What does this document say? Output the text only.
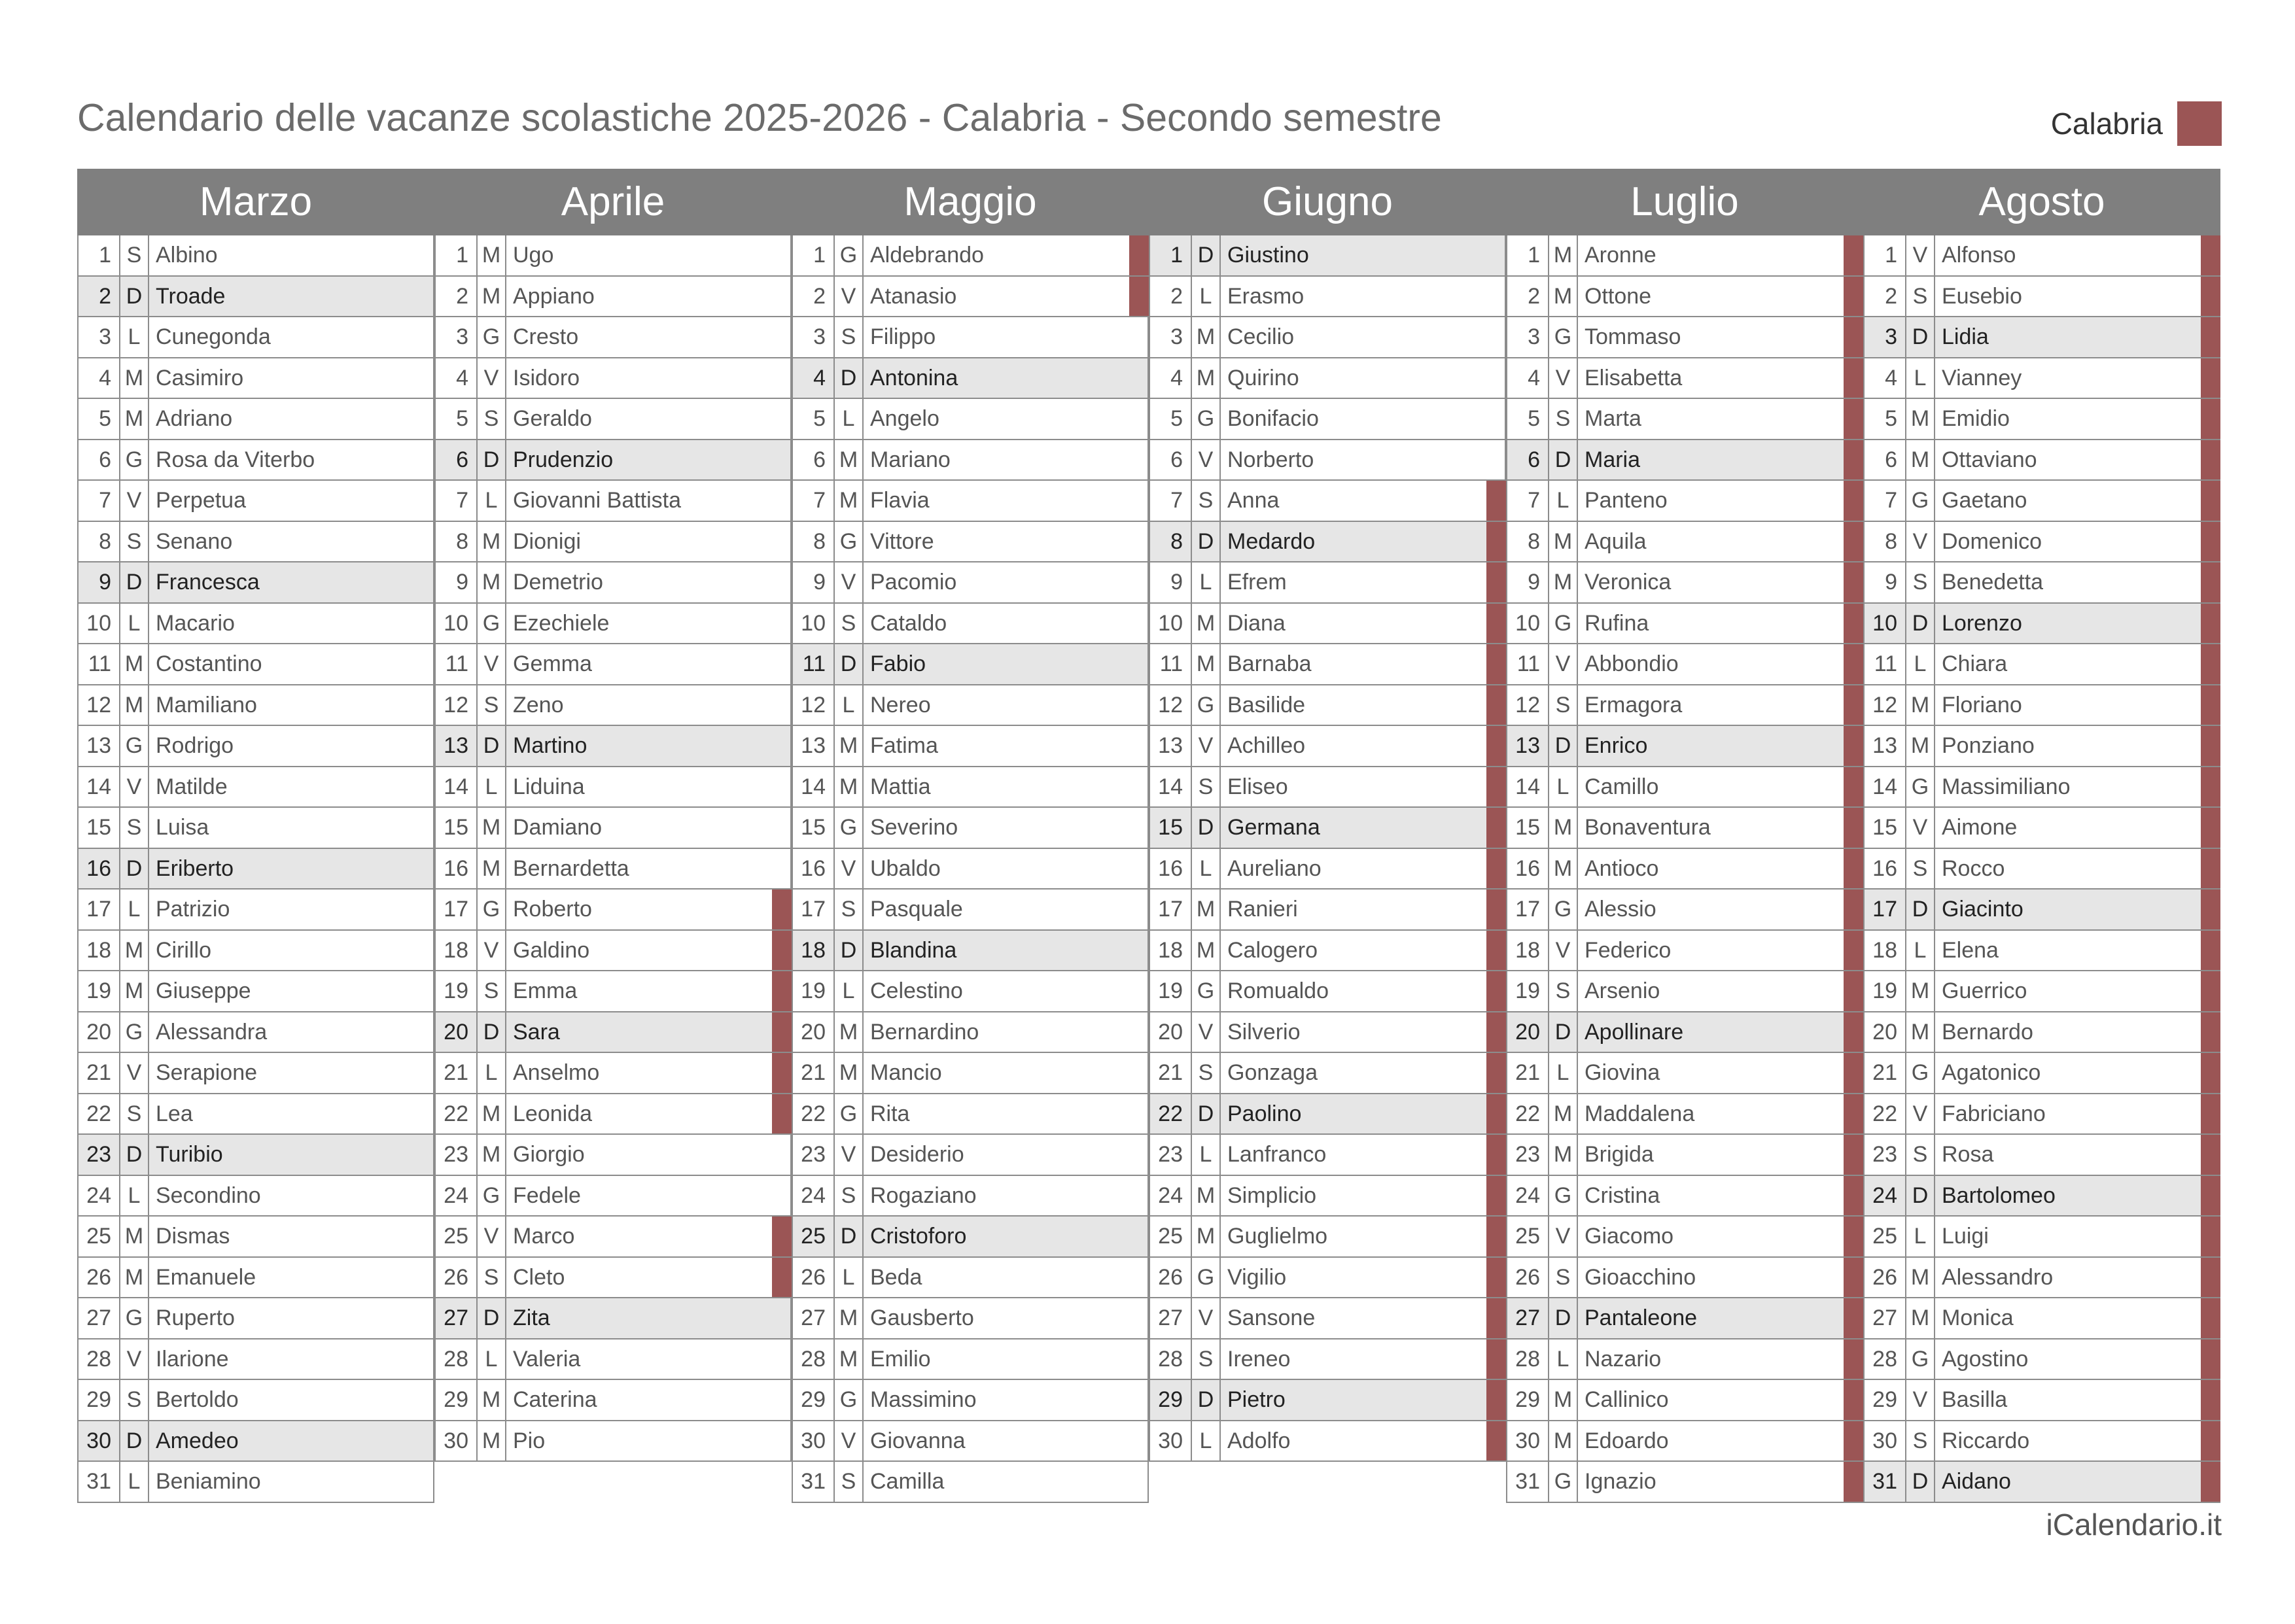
Calendario delle vacanze scolastiche 2025-2026 - Calabria - Secondo semestre	Calabria
Marzo
1 S Albino
2 D Troade
3 L Cunegonda
4 M Casimiro
5 M Adriano
6 G Rosa da Viterbo
7 V Perpetua
8 S Senano
9 D Francesca
10 L Macario
11 M Costantino
12 M Mamiliano
13 G Rodrigo
14 V Matilde
15 S Luisa
16 D Eriberto
17 L Patrizio
18 M Cirillo
19 M Giuseppe
20 G Alessandra
21 V Serapione
22 S Lea
23 D Turibio
24 L Secondino
25 M Dismas
26 M Emanuele
27 G Ruperto
28 V Ilarione
29 S Bertoldo
30 D Amedeo
31 L Beniamino
Aprile
1 M Ugo
2 M Appiano
3 G Cresto
4 V Isidoro
5 S Geraldo
6 D Prudenzio
7 L Giovanni Battista
8 M Dionigi
9 M Demetrio
10 G Ezechiele
11 V Gemma
12 S Zeno
13 D Martino
14 L Liduina
15 M Damiano
16 M Bernardetta
17 G Roberto
18 V Galdino
19 S Emma
20 D Sara
21 L Anselmo
22 M Leonida
23 M Giorgio
24 G Fedele
25 V Marco
26 S Cleto
27 D Zita
28 L Valeria
29 M Caterina
30 M Pio
Maggio
1 G Aldebrando
2 V Atanasio
3 S Filippo
4 D Antonina
5 L Angelo
6 M Mariano
7 M Flavia
8 G Vittore
9 V Pacomio
10 S Cataldo
11 D Fabio
12 L Nereo
13 M Fatima
14 M Mattia
15 G Severino
16 V Ubaldo
17 S Pasquale
18 D Blandina
19 L Celestino
20 M Bernardino
21 M Mancio
22 G Rita
23 V Desiderio
24 S Rogaziano
25 D Cristoforo
26 L Beda
27 M Gausberto
28 M Emilio
29 G Massimino
30 V Giovanna
31 S Camilla
Giugno
1 D Giustino
2 L Erasmo
3 M Cecilio
4 M Quirino
5 G Bonifacio
6 V Norberto
7 S Anna
8 D Medardo
9 L Efrem
10 M Diana
11 M Barnaba
12 G Basilide
13 V Achilleo
14 S Eliseo
15 D Germana
16 L Aureliano
17 M Ranieri
18 M Calogero
19 G Romualdo
20 V Silverio
21 S Gonzaga
22 D Paolino
23 L Lanfranco
24 M Simplicio
25 M Guglielmo
26 G Vigilio
27 V Sansone
28 S Ireneo
29 D Pietro
30 L Adolfo
Luglio
1 M Aronne
2 M Ottone
3 G Tommaso
4 V Elisabetta
5 S Marta
6 D Maria
7 L Panteno
8 M Aquila
9 M Veronica
10 G Rufina
11 V Abbondio
12 S Ermagora
13 D Enrico
14 L Camillo
15 M Bonaventura
16 M Antioco
17 G Alessio
18 V Federico
19 S Arsenio
20 D Apollinare
21 L Giovina
22 M Maddalena
23 M Brigida
24 G Cristina
25 V Giacomo
26 S Gioacchino
27 D Pantaleone
28 L Nazario
29 M Callinico
30 M Edoardo
31 G Ignazio
Agosto
1 V Alfonso
2 S Eusebio
3 D Lidia
4 L Vianney
5 M Emidio
6 M Ottaviano
7 G Gaetano
8 V Domenico
9 S Benedetta
10 D Lorenzo
11 L Chiara
12 M Floriano
13 M Ponziano
14 G Massimiliano
15 V Aimone
16 S Rocco
17 D Giacinto
18 L Elena
19 M Guerrico
20 M Bernardo
21 G Agatonico
22 V Fabriciano
23 S Rosa
24 D Bartolomeo
25 L Luigi
26 M Alessandro
27 M Monica
28 G Agostino
29 V Basilla
30 S Riccardo
31 D Aidano
iCalendario.it
